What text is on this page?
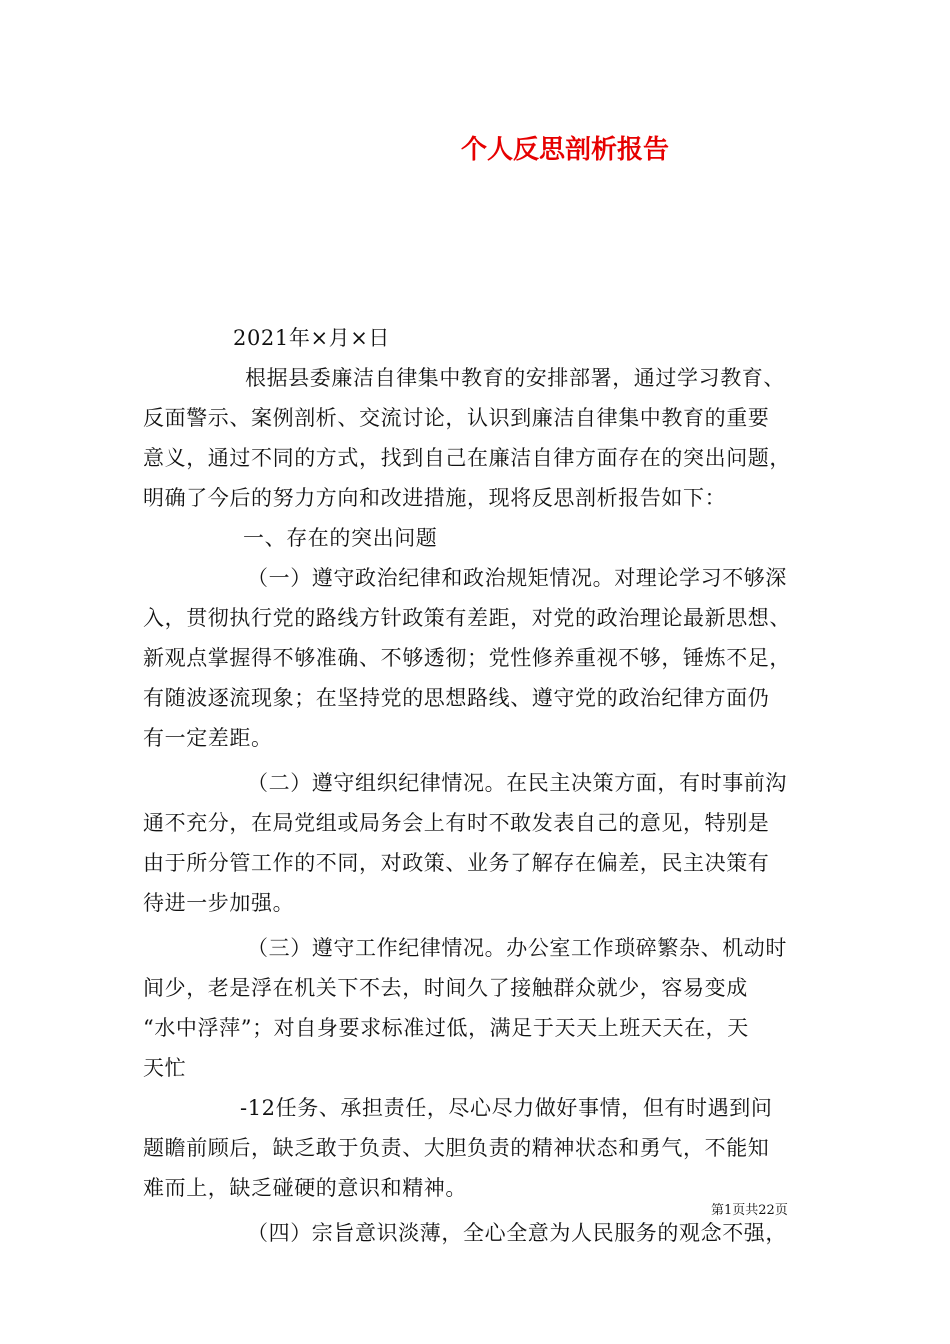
个人反思剖析报告
2021年×月×日
根据县委廉洁自律集中教育的安排部署，通过学习教育、
反面警示、案例剖析、交流讨论，认识到廉洁自律集中教育的重要
意义，通过不同的方式，找到自己在廉洁自律方面存在的突出问题，
明确了今后的努力方向和改进措施，现将反思剖析报告如下：
一、存在的突出问题
（一）遵守政治纪律和政治规矩情况。对理论学习不够深
入，贯彻执行党的路线方针政策有差距，对党的政治理论最新思想、
新观点掌握得不够准确、不够透彻；党性修养重视不够，锤炼不足，
有随波逐流现象；在坚持党的思想路线、遵守党的政治纪律方面仍
有一定差距。
（二）遵守组织纪律情况。在民主决策方面，有时事前沟
通不充分，在局党组或局务会上有时不敢发表自己的意见，特别是
由于所分管工作的不同，对政策、业务了解存在偏差，民主决策有
待进一步加强。
（三）遵守工作纪律情况。办公室工作琐碎繁杂、机动时
间少，老是浮在机关下不去，时间久了接触群众就少，容易变成
“水中浮萍”；对自身要求标准过低，满足于天天上班天天在，天
天忙
-12任务、承担责任，尽心尽力做好事情，但有时遇到问
题瞻前顾后，缺乏敢于负责、大胆负责的精神状态和勇气，不能知
难而上，缺乏碰硬的意识和精神。
（四）宗旨意识淡薄，全心全意为人民服务的观念不强，
第1页共22页
